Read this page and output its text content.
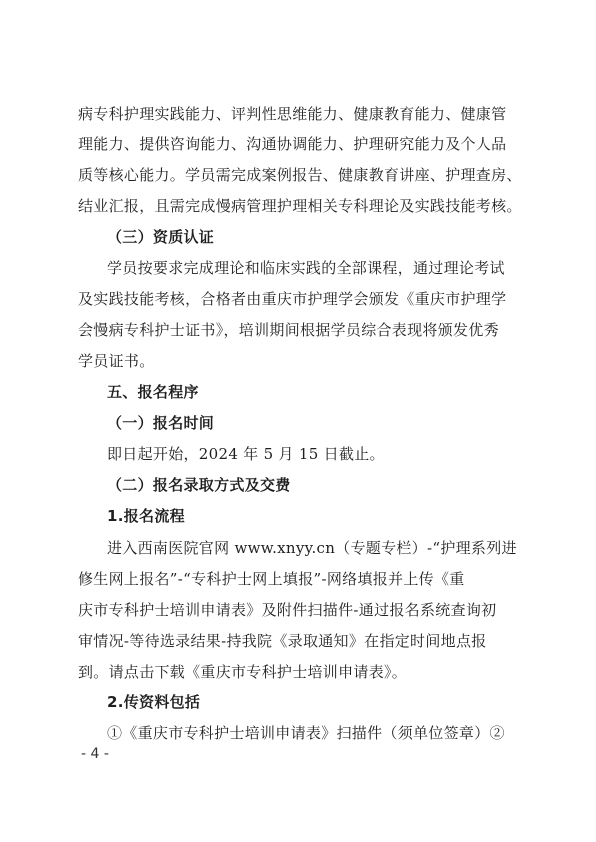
病专科护理实践能力、评判性思维能力、健康教育能力、健康管
理能力、提供咨询能力、沟通协调能力、护理研究能力及个人品
质等核心能力。学员需完成案例报告、健康教育讲座、护理查房、
结业汇报，且需完成慢病管理护理相关专科理论及实践技能考核。
（三）资质认证
学员按要求完成理论和临床实践的全部课程，通过理论考试
及实践技能考核，合格者由重庆市护理学会颁发《重庆市护理学
会慢病专科护士证书》，培训期间根据学员综合表现将颁发优秀
学员证书。
五、报名程序
（一）报名时间
即日起开始，2024 年 5 月 15 日截止。
（二）报名录取方式及交费
1.报名流程
进入西南医院官网 www.xnyy.cn（专题专栏）-“护理系列进
修生网上报名”-“专科护士网上填报”-网络填报并上传《重
庆市专科护士培训申请表》及附件扫描件-通过报名系统查询初
审情况-等待选录结果-持我院《录取通知》在指定时间地点报
到。请点击下载《重庆市专科护士培训申请表》。
2.传资料包括
①《重庆市专科护士培训申请表》扫描件（须单位签章）②
- 4 -
